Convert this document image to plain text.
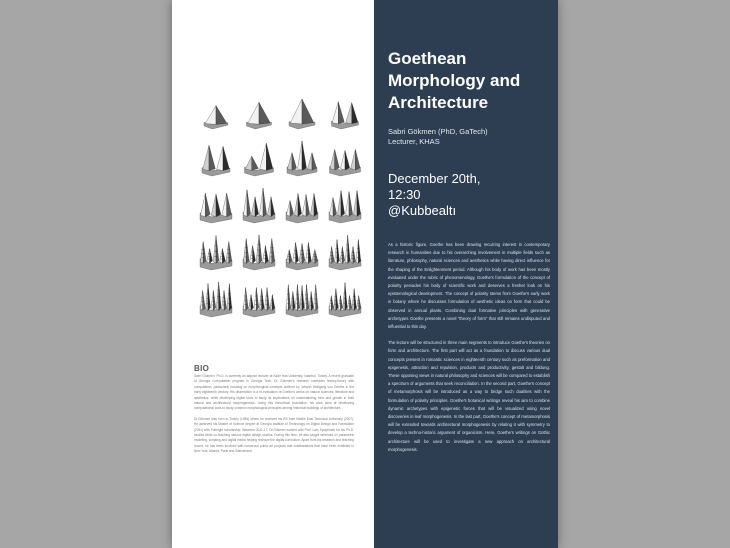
BIO

Sabri Gökmen, Ph.D. is currently an adjunct lecturer at Kadir Has University, Istanbul, Turkey. A recent graduate of Georgia Computation program in Georgia Tech, Dr. Gökmen's research combines history-theory with computation, particularly focusing on morphological concepts outlined by Johann Wolfgang von Goethe in the early eighteenth century. His dissertation is a re-evaluation of Goethe's works on natural sciences, literature and aesthetics, while developing digital tools to study its implications on understanding form and growth in both natural and architectural morphogenesis. Using this theoretical foundation, his work aims at developing computational tools to study common morphological principles among historical buildings of architecture.

Dr.Gökmen was born in Turkey (1984) where he received his BS from Middle East Technical University (2007). He achieved his Master of Science degree at Georgia Institute of Technology on Digital Design and Fabrication (2011) with Fulbright scholarship. Between 2011-17, Dr.Gökmen worked with Prof. Lars Spuybroek for his Ph.D. studies while co-teaching various digital design studios. During this time, he also taught seminars on parametric modeling, scripting and digital media helping reshape the digital curriculum. Apart from his research and teaching record, he has been involved with numerous public art projects and collaborations that have been exhibited in New York, Atlanta, Paris and Switzerland.

Goethean Morphology and Architecture
Sabri Gökmen (PhD, GaTech)
Lecturer, KHAS
December 20th,
12:30
@Kubbealtı

As a historic figure, Goethe has been drawing recurring interest in contemporary research in humanities due to his overarching involvement in multiple fields such as literature, philosophy, natural sciences and aesthetics while having direct influence for the shaping of the Enlightenment period. Although his body of work has been mostly evaluated under the rubric of phenomenology, Goethe's formulation of the concept of polarity pervades his body of scientific work and deserves a fresher look on his epistemological development. The concept of polarity stems from Goethe's early work in botany where he discusses formulation of aesthetic ideas on form that could be observed in annual plants. Combining dual formative principles with generative archetypes Goethe presents a novel "theory of form" that still remains undisputed and influential to this day.

The lecture will be structured in three main segments to introduce Goethe's theories on form and architecture. The first part will act as a foundation to discuss various dual concepts present in romantic sciences in eighteenth century such as preformation and epigenesis, attraction and repulsion, products and productivity, gestalt and bildung. These opposing views in natural philosophy and sciences will be compared to establish a spectrum of arguments that seek reconciliation. In the second part, Goethe's concept of metamorphosis will be introduced as a way to bridge such dualities with the formulation of polarity principles. Goethe's botanical writings reveal his aim to combine dynamic archetypes with epigenetic forces that will be visualized using novel discoveries in leaf morphogenesis. In the last part, Goethe's concept of metamorphosis will be extended towards architectural morphogenesis by relating it with symmetry to develop a techno-historic argument of organicism. Here, Goethe's writings on Gothic architecture will be used to investigate a new approach on architectural morphogenesis.
